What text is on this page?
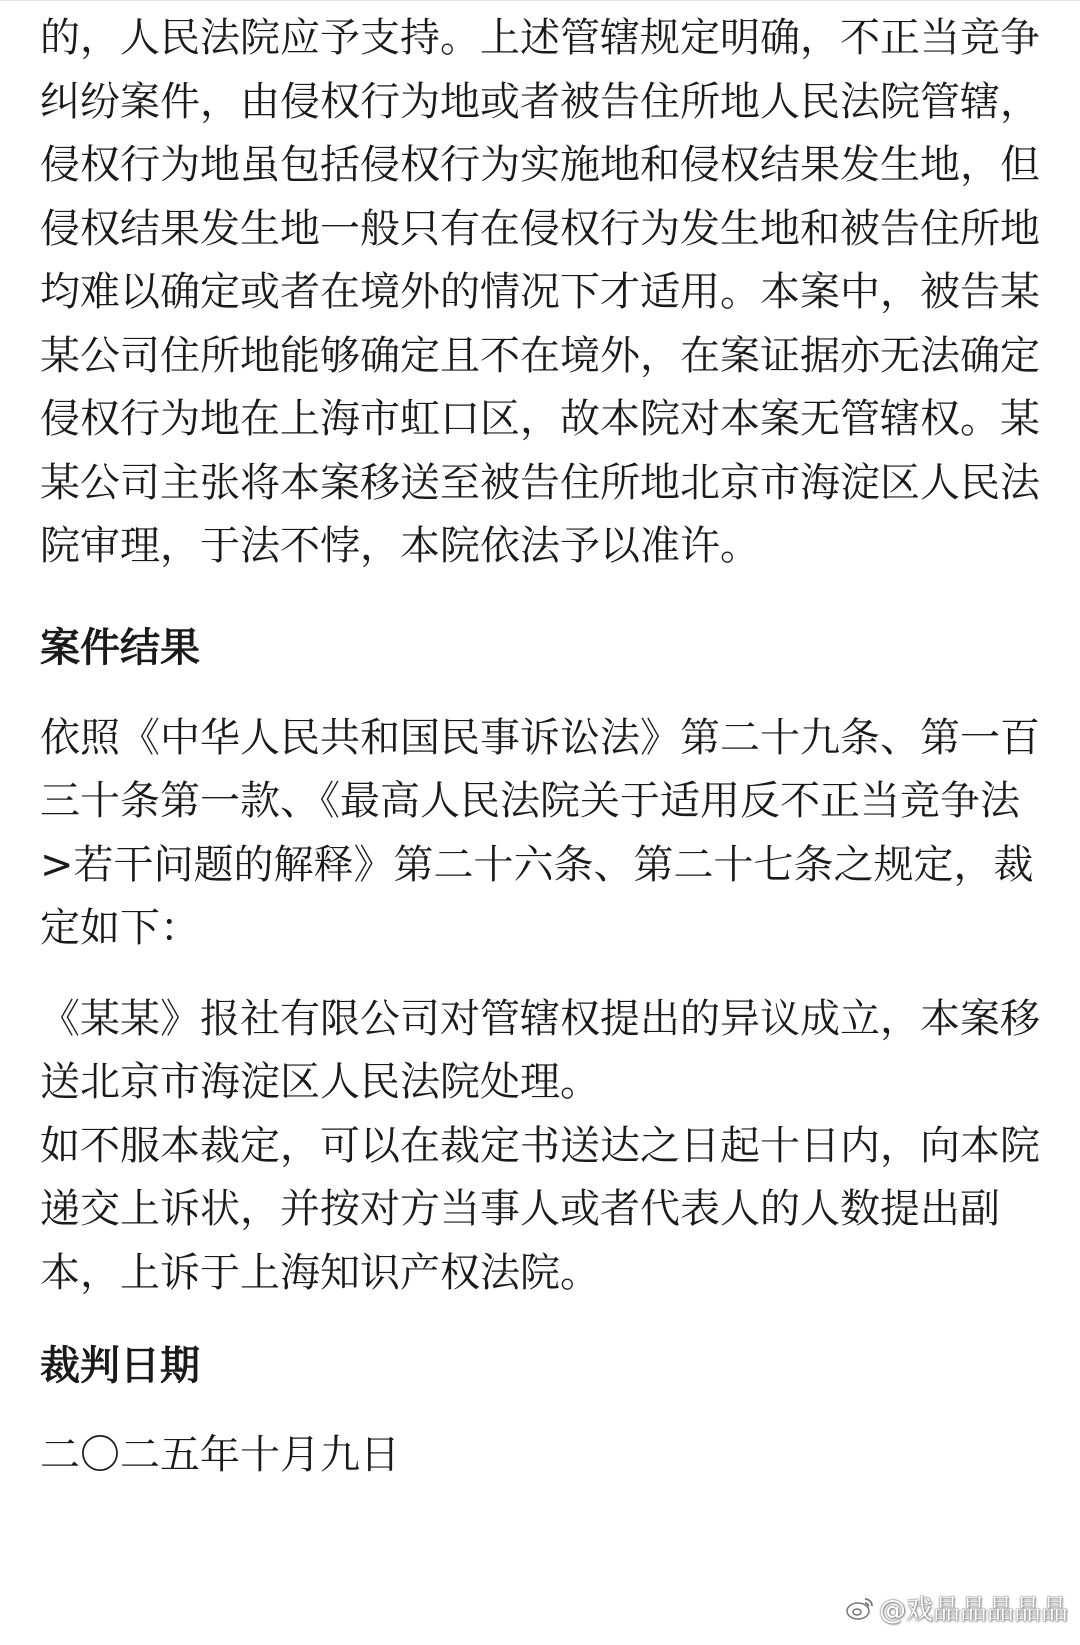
的，人民法院应予支持。上述管辖规定明确，不正当竞争纠纷案件，由侵权行为地或者被告住所地人民法院管辖，侵权行为地虽包括侵权行为实施地和侵权结果发生地，但侵权结果发生地一般只有在侵权行为发生地和被告住所地均难以确定或者在境外的情况下才适用。本案中，被告某某公司住所地能够确定且不在境外，在案证据亦无法确定侵权行为地在上海市虹口区，故本院对本案无管辖权。某某公司主张将本案移送至被告住所地北京市海淀区人民法院审理，于法不悖，本院依法予以准许。

案件结果

依照《中华人民共和国民事诉讼法》第二十九条、第一百三十条第一款、《最高人民法院关于适用反不正当竞争法>若干问题的解释》第二十六条、第二十七条之规定，裁定如下：

《某某》报社有限公司对管辖权提出的异议成立，本案移送北京市海淀区人民法院处理。

如不服本裁定，可以在裁定书送达之日起十日内，向本院递交上诉状，并按对方当事人或者代表人的人数提出副本，上诉于上海知识产权法院。

裁判日期

二〇二五年十月九日

@戏晶晶晶晶晶
